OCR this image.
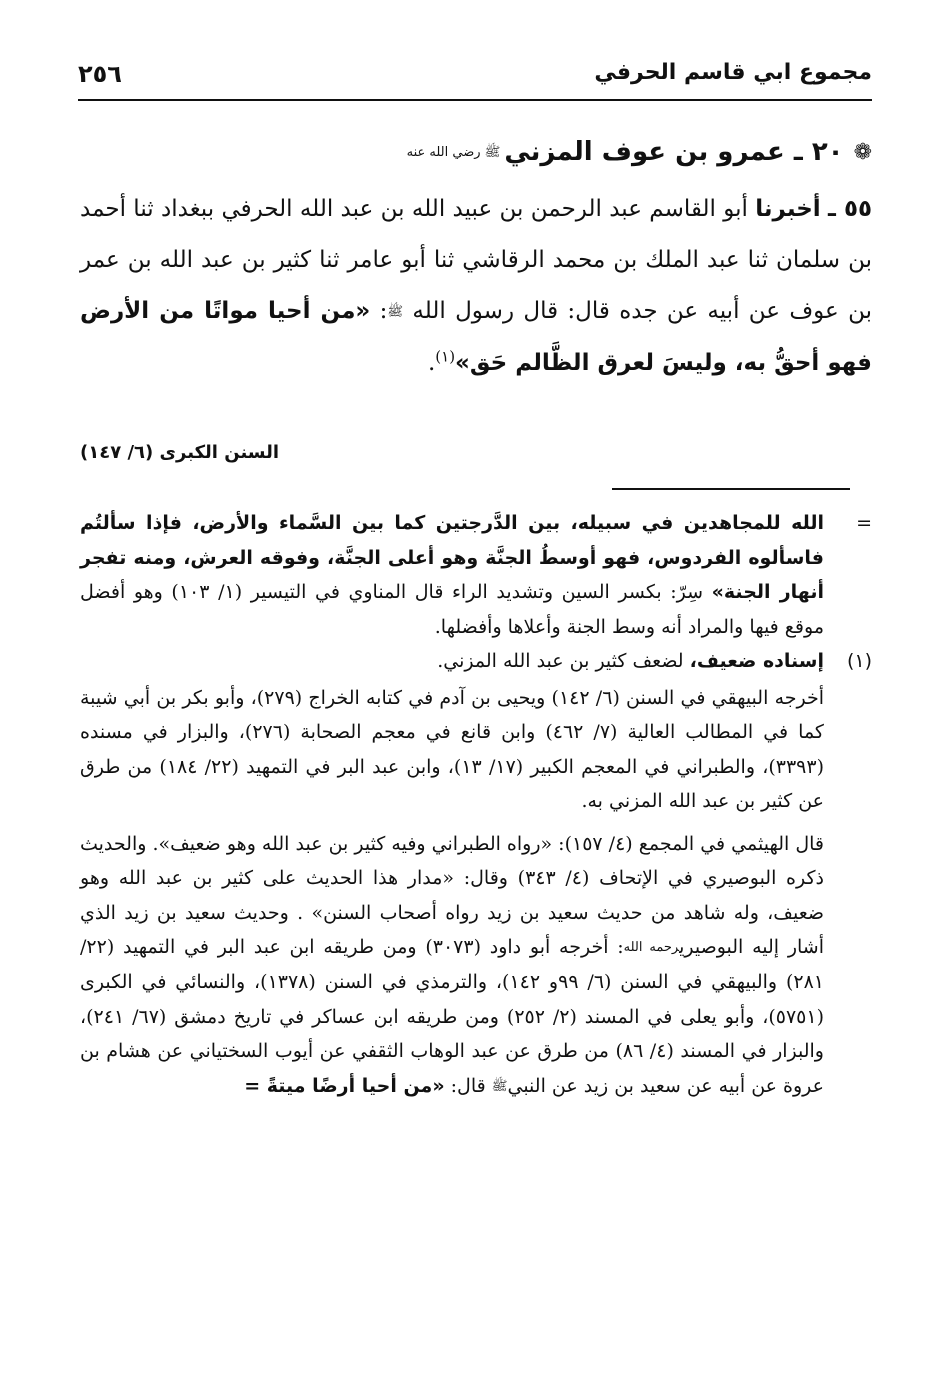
٢٥٦	مجموع ابي قاسم الحرفي
❁٢٠ ـ عمرو بن عوف المزنيﷺ رضي الله عنه
٥٥ ـ أخبرنا أبو القاسم عبد الرحمن بن عبيد الله بن عبد الله الحرفي ببغداد ثنا أحمد بن سلمان ثنا عبد الملك بن محمد الرقاشي ثنا أبو عامر ثنا كثير بن عبد الله بن عمر بن عوف عن أبيه عن جده قال: قال رسول الله ﷺ: «من أحيا مواتًا من الأرض فهو أحقُّ به، وليسَ لعرق الظَّالم حَق»$^{(١)}$.
السنن الكبرى (٦/ ١٤٧)
=
الله للمجاهدين في سبيله، بين الدَّرجتين كما بين السَّماء والأرض، فإذا سألتُم فاسألوه الفردوس، فهو أوسطُ الجنَّة وهو أعلى الجنَّة، وفوقه العرش، ومنه تفجر أنهار الجنة» سِرّ: بكسر السين وتشديد الراء قال المناوي في التيسير (١/ ١٠٣) وهو أفضل موقع فيها والمراد أنه وسط الجنة وأعلاها وأفضلها.
(١)
إسناده ضعيف، لضعف كثير بن عبد الله المزني.
أخرجه البيهقي في السنن (٦/ ١٤٢) ويحيى بن آدم في كتابه الخراج (٢٧٩)، وأبو بكر بن أبي شيبة كما في المطالب العالية (٧/ ٤٦٢) وابن قانع في معجم الصحابة (٢٧٦)، والبزار في مسنده (٣٣٩٣)، والطبراني في المعجم الكبير (١٧/ ١٣)، وابن عبد البر في التمهيد (٢٢/ ١٨٤) من طرق عن كثير بن عبد الله المزني به.
قال الهيثمي في المجمع (٤/ ١٥٧): «رواه الطبراني وفيه كثير بن عبد الله وهو ضعيف». والحديث ذكره البوصيري في الإتحاف (٤/ ٣٤٣) وقال: «مدار هذا الحديث على كثير بن عبد الله وهو ضعيف، وله شاهد من حديث سعيد بن زيد رواه أصحاب السنن» . وحديث سعيد بن زيد الذي أشار إليه البوصيريرحمه الله: أخرجه أبو داود (٣٠٧٣) ومن طريقه ابن عبد البر في التمهيد (٢٢/ ٢٨١) والبيهقي في السنن (٦/ ٩٩و ١٤٢)، والترمذي في السنن (١٣٧٨)، والنسائي في الكبرى (٥٧٥١)، وأبو يعلى في المسند (٢/ ٢٥٢) ومن طريقه ابن عساكر في تاريخ دمشق (٦٧/ ٢٤١)، والبزار في المسند (٤/ ٨٦) من طرق عن عبد الوهاب الثقفي عن أيوب السختياني عن هشام بن عروة عن أبيه عن سعيد بن زيد عن النبيﷺ قال: «من أحيا أرضًا ميتةً =
